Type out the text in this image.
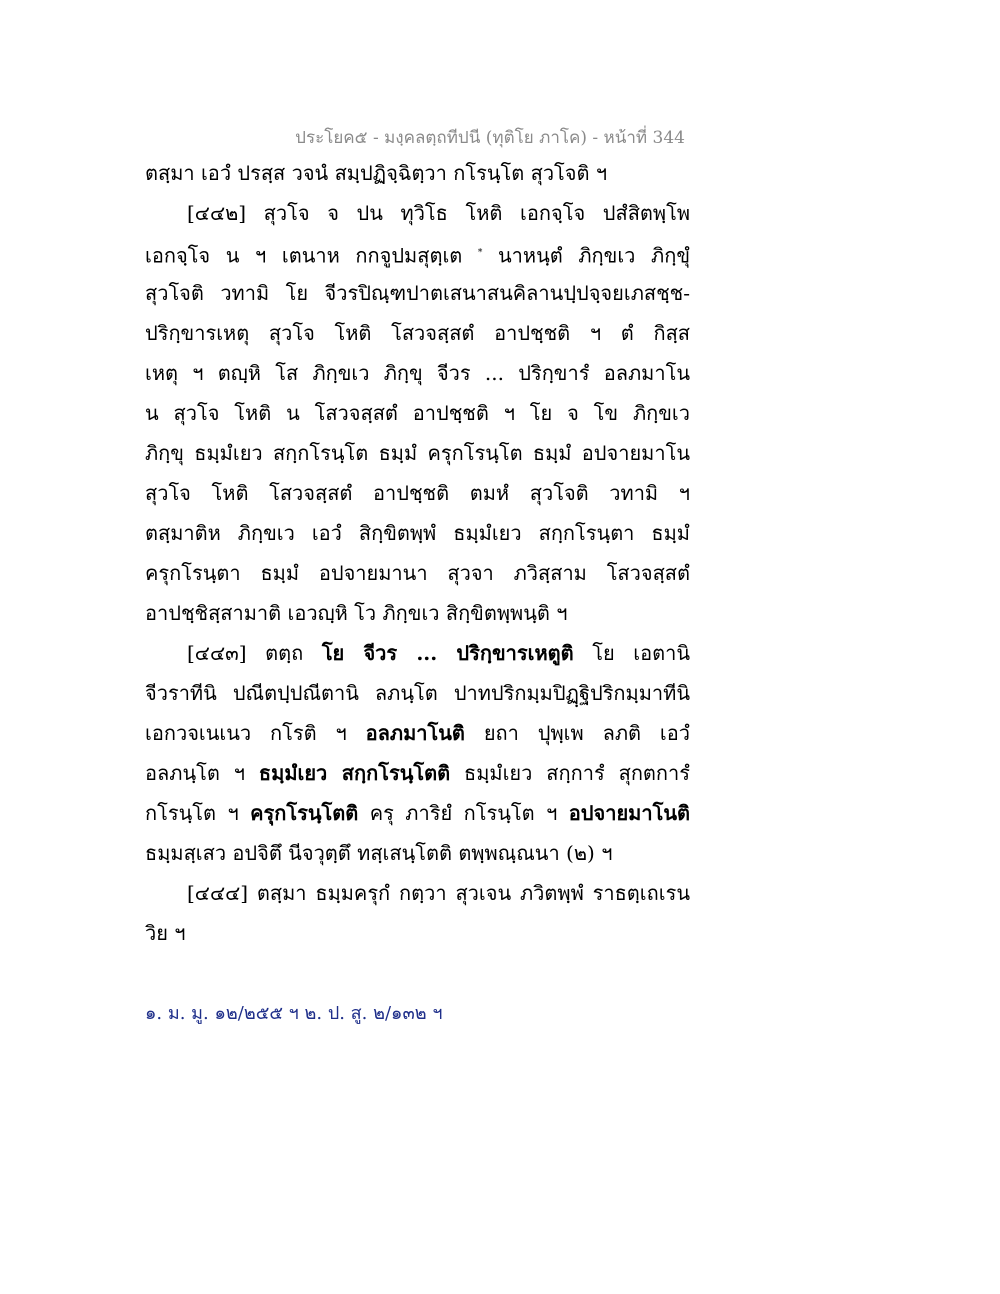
ประโยค๕ - มงฺคลตฺถทีปนี (ทุติโย ภาโค) - หน้าที่ 344
ตสฺมา เอวํ ปรสฺส วจนํ สมฺปฏิจฺฉิตฺวา กโรนฺโต สุวโจติ ฯ
[๔๔๒] สุวโจ จ ปน ทุวิโธ โหติ เอกจฺโจ ปสํสิตพฺโพ
เอกจฺโจ น ฯ เตนาห กกจูปมสุตฺเต * นาหนฺตํ ภิกฺขเว ภิกฺขุํ
สุวโจติ วทามิ โย จีวรปิณฺฑปาตเสนาสนคิลานปฺปจฺจยเภสชฺช-
ปริกฺขารเหตุ สุวโจ โหติ โสวจสฺสตํ อาปชฺชติ ฯ ตํ กิสฺส
เหตุ ฯ ตญฺหิ โส ภิกฺขเว ภิกฺขุ จีวร ... ปริกฺขารํ อลภมาโน
น สุวโจ โหติ น โสวจสฺสตํ อาปชฺชติ ฯ โย จ โข ภิกฺขเว
ภิกฺขุ ธมฺมํเยว สกฺกโรนฺโต ธมฺมํ ครุกโรนฺโต ธมฺมํ อปจายมาโน
สุวโจ โหติ โสวจสฺสตํ อาปชฺชติ ตมหํ สุวโจติ วทามิ ฯ
ตสฺมาติห ภิกฺขเว เอวํ สิกฺขิตพฺพํ ธมฺมํเยว สกฺกโรนฺตา ธมฺมํ
ครุกโรนฺตา ธมฺมํ อปจายมานา สุวจา ภวิสฺสาม โสวจสฺสตํ
อาปชฺชิสฺสามาติ เอวญฺหิ โว ภิกฺขเว สิกฺขิตพฺพนฺติ ฯ
[๔๔๓] ตตฺถ โย จีวร ... ปริกฺขารเหตูติ โย เอตานิ
จีวราทีนิ ปณีตปฺปณีตานิ ลภนฺโต ปาทปริกมฺมปิฏฺฐิปริกมฺมาทีนิ
เอกวจเนเนว กโรติ ฯ อลภมาโนติ ยถา ปุพฺเพ ลภติ เอวํ
อลภนฺโต ฯ ธมฺมํเยว สกฺกโรนฺโตติ ธมฺมํเยว สกฺการํ สุกตการํ
กโรนฺโต ฯ ครุกโรนฺโตติ ครุ ภาริยํ กโรนฺโต ฯ อปจายมาโนติ
ธมฺมสฺเสว อปจิตึ นีจวุตฺตึ ทสฺเสนฺโตติ ตพฺพณฺณนา (๒) ฯ
[๔๔๔] ตสฺมา ธมฺมครุกํ กตฺวา สุวเจน ภวิตพฺพํ ราธตฺเถเรน
วิย ฯ
๑. ม. มู. ๑๒/๒๕๕ ฯ ๒. ป. สู. ๒/๑๓๒ ฯ
